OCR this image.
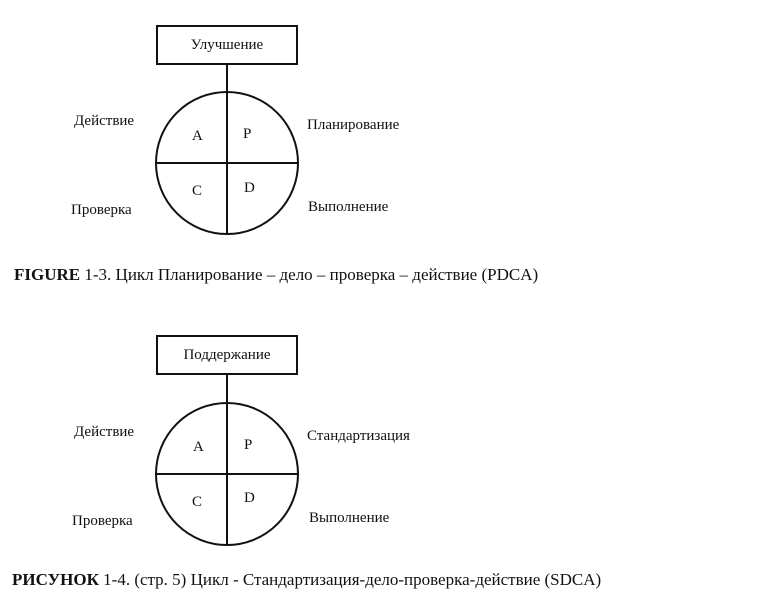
Улучшение
A	P
C	D
Действие
Проверка
Планирование
Выполнение
FIGURE 1-3. Цикл Планирование – дело – проверка – действие (PDCA)
Поддержание
A	P
C	D
Действие
Проверка
Стандартизация
Выполнение
РИСУНОК 1-4. (стр. 5) Цикл - Стандартизация-дело-проверка-действие (SDCA)
